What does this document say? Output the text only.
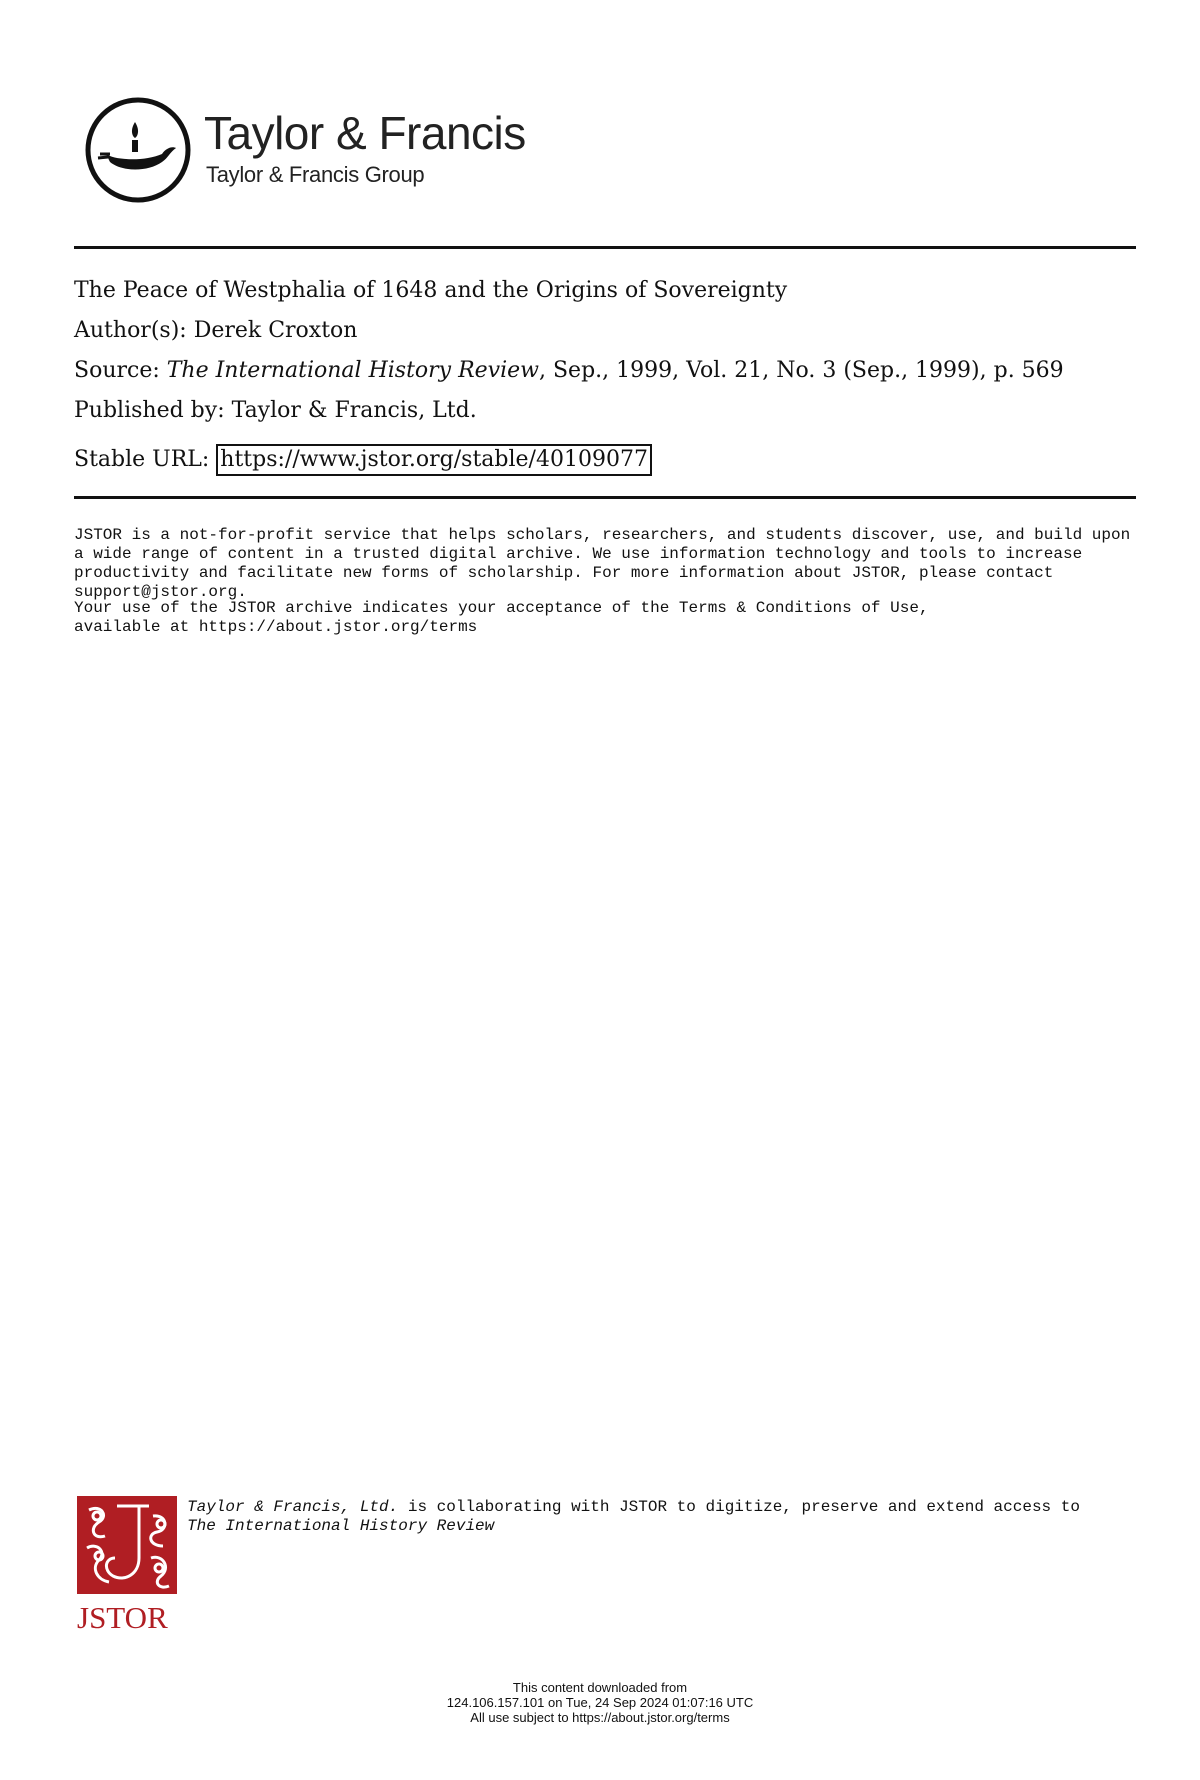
Taylor & Francis
Taylor & Francis Group
The Peace of Westphalia of 1648 and the Origins of Sovereignty
Author(s): Derek Croxton
Source: The International History Review, Sep., 1999, Vol. 21, No. 3 (Sep., 1999), p. 569
Published by: Taylor & Francis, Ltd.
Stable URL: https://www.jstor.org/stable/40109077
JSTOR is a not-for-profit service that helps scholars, researchers, and students discover, use, and build upon a wide range of content in a trusted digital archive. We use information technology and tools to increase productivity and facilitate new forms of scholarship. For more information about JSTOR, please contact support@jstor.org.
Your use of the JSTOR archive indicates your acceptance of the Terms & Conditions of Use, available at https://about.jstor.org/terms
JSTOR
Taylor & Francis, Ltd. is collaborating with JSTOR to digitize, preserve and extend access to
The International History Review
This content downloaded from
124.106.157.101 on Tue, 24 Sep 2024 01:07:16 UTC
All use subject to https://about.jstor.org/terms
